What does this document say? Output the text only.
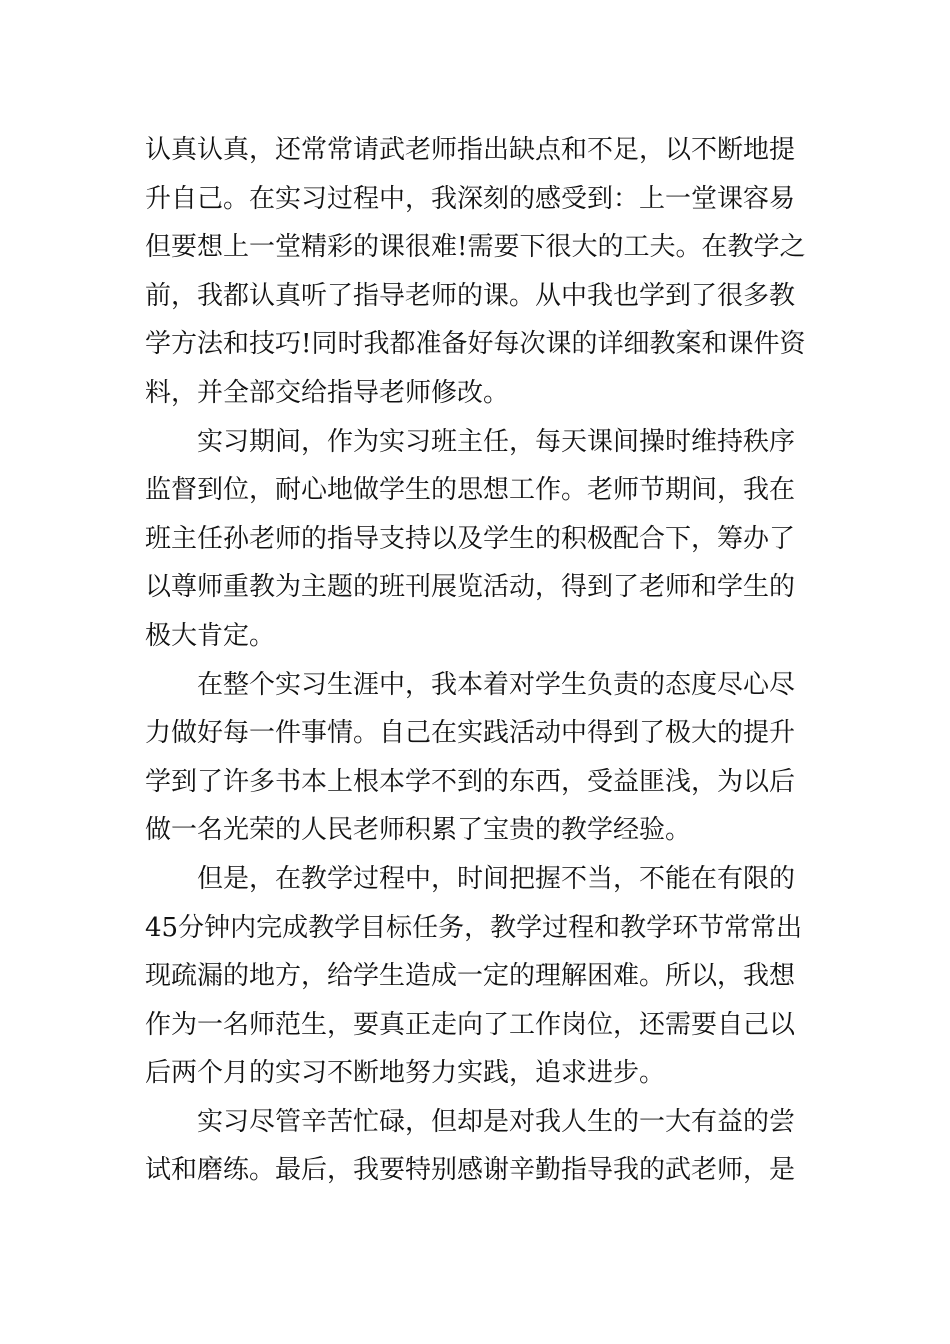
认真认真，还常常请武老师指出缺点和不足，以不断地提
升自己。在实习过程中，我深刻的感受到：上一堂课容易
但要想上一堂精彩的课很难!需要下很大的工夫。在教学之
前，我都认真听了指导老师的课。从中我也学到了很多教
学方法和技巧!同时我都准备好每次课的详细教案和课件资
料，并全部交给指导老师修改。
实习期间，作为实习班主任，每天课间操时维持秩序
监督到位，耐心地做学生的思想工作。老师节期间，我在
班主任孙老师的指导支持以及学生的积极配合下，筹办了
以尊师重教为主题的班刊展览活动，得到了老师和学生的
极大肯定。
在整个实习生涯中，我本着对学生负责的态度尽心尽
力做好每一件事情。自己在实践活动中得到了极大的提升
学到了许多书本上根本学不到的东西，受益匪浅，为以后
做一名光荣的人民老师积累了宝贵的教学经验。
但是，在教学过程中，时间把握不当，不能在有限的
45分钟内完成教学目标任务，教学过程和教学环节常常出
现疏漏的地方，给学生造成一定的理解困难。所以，我想
作为一名师范生，要真正走向了工作岗位，还需要自己以
后两个月的实习不断地努力实践，追求进步。
实习尽管辛苦忙碌，但却是对我人生的一大有益的尝
试和磨练。最后，我要特别感谢辛勤指导我的武老师，是
